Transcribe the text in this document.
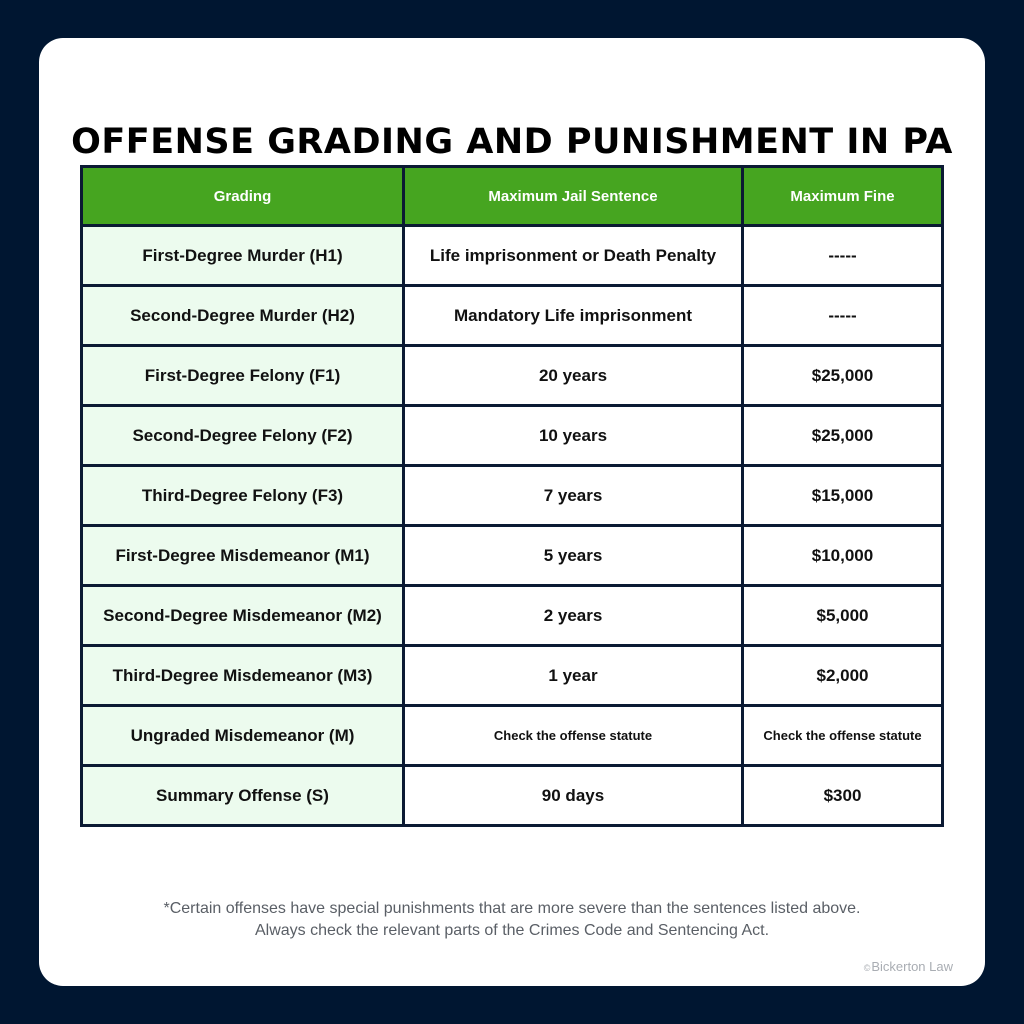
OFFENSE GRADING AND PUNISHMENT IN PA
Grading	Maximum Jail Sentence	Maximum Fine
First-Degree Murder (H1)	Life imprisonment or Death Penalty	-----
Second-Degree Murder (H2)	Mandatory Life imprisonment	-----
First-Degree Felony (F1)	20 years	$25,000
Second-Degree Felony (F2)	10 years	$25,000
Third-Degree Felony (F3)	7 years	$15,000
First-Degree Misdemeanor (M1)	5 years	$10,000
Second-Degree Misdemeanor (M2)	2 years	$5,000
Third-Degree Misdemeanor (M3)	1 year	$2,000
Ungraded Misdemeanor (M)	Check the offense statute	Check the offense statute
Summary Offense (S)	90 days	$300

*Certain offenses have special punishments that are more severe than the sentences listed above.

Always check the relevant parts of the Crimes Code and Sentencing Act.

©Bickerton Law
